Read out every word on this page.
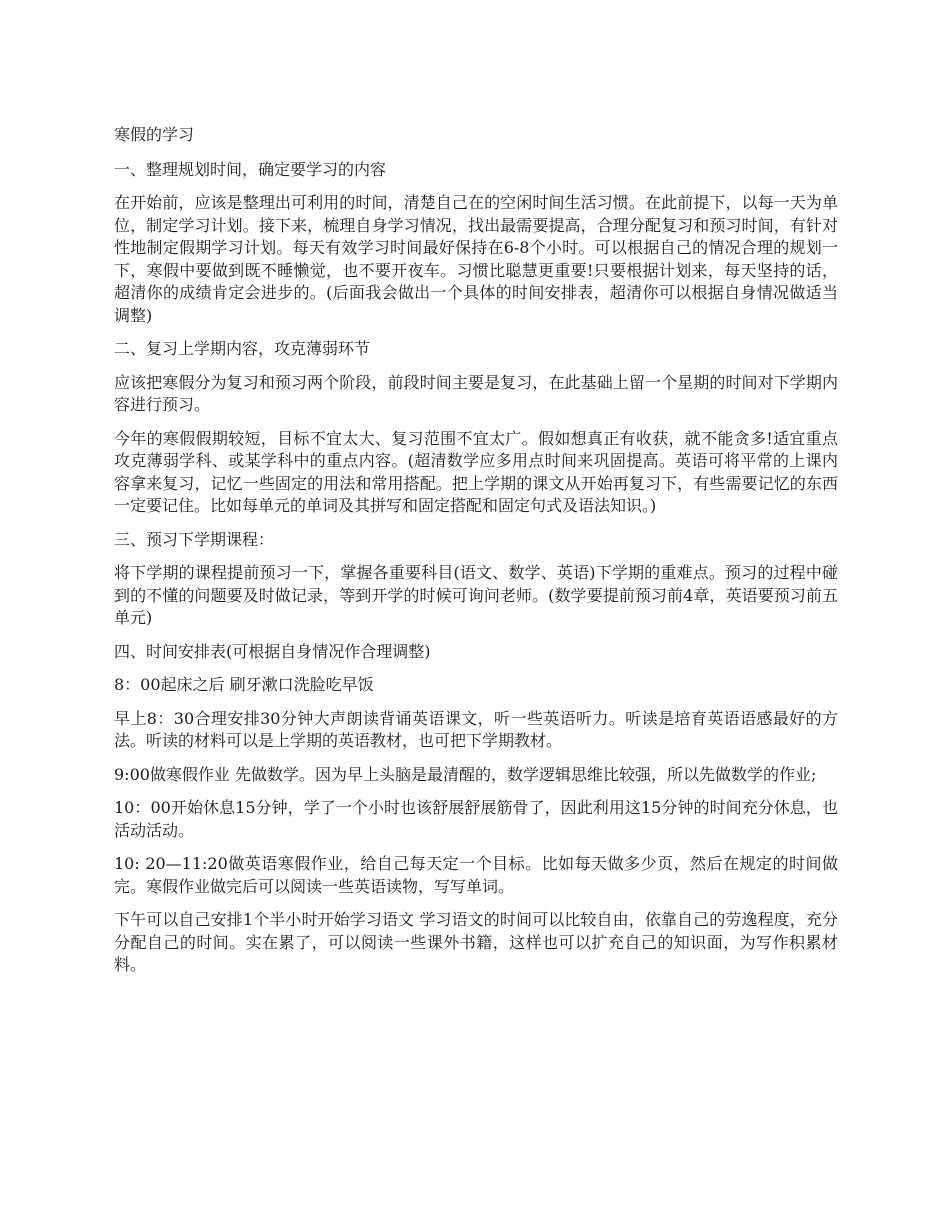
寒假的学习

一、整理规划时间，确定要学习的内容

在开始前，应该是整理出可利用的时间，清楚自己在的空闲时间生活习惯。在此前提下，以每一天为单位，制定学习计划。接下来，梳理自身学习情况，找出最需要提高，合理分配复习和预习时间，有针对性地制定假期学习计划。每天有效学习时间最好保持在6-8个小时。可以根据自己的情况合理的规划一下，寒假中要做到既不睡懒觉，也不要开夜车。习惯比聪慧更重要!只要根据计划来，每天坚持的话，超清你的成绩肯定会进步的。(后面我会做出一个具体的时间安排表，超清你可以根据自身情况做适当调整)

二、复习上学期内容，攻克薄弱环节

应该把寒假分为复习和预习两个阶段，前段时间主要是复习，在此基础上留一个星期的时间对下学期内容进行预习。

今年的寒假假期较短，目标不宜太大、复习范围不宜太广。假如想真正有收获，就不能贪多!适宜重点攻克薄弱学科、或某学科中的重点内容。(超清数学应多用点时间来巩固提高。英语可将平常的上课内容拿来复习，记忆一些固定的用法和常用搭配。把上学期的课文从开始再复习下，有些需要记忆的东西一定要记住。比如每单元的单词及其拼写和固定搭配和固定句式及语法知识。)

三、预习下学期课程：

将下学期的课程提前预习一下，掌握各重要科目(语文、数学、英语)下学期的重难点。预习的过程中碰到的不懂的问题要及时做记录，等到开学的时候可询问老师。(数学要提前预习前4章，英语要预习前五单元)

四、时间安排表(可根据自身情况作合理调整)

8：00起床之后 刷牙漱口洗脸吃早饭

早上8：30合理安排30分钟大声朗读背诵英语课文，听一些英语听力。听读是培育英语语感最好的方法。听读的材料可以是上学期的英语教材，也可把下学期教材。

9:00做寒假作业 先做数学。因为早上头脑是最清醒的，数学逻辑思维比较强，所以先做数学的作业;

10：00开始休息15分钟，学了一个小时也该舒展舒展筋骨了，因此利用这15分钟的时间充分休息，也活动活动。

10: 20—11:20做英语寒假作业，给自己每天定一个目标。比如每天做多少页，然后在规定的时间做完。寒假作业做完后可以阅读一些英语读物，写写单词。

下午可以自己安排1个半小时开始学习语文 学习语文的时间可以比较自由，依靠自己的劳逸程度，充分分配自己的时间。实在累了，可以阅读一些课外书籍，这样也可以扩充自己的知识面，为写作积累材料。
